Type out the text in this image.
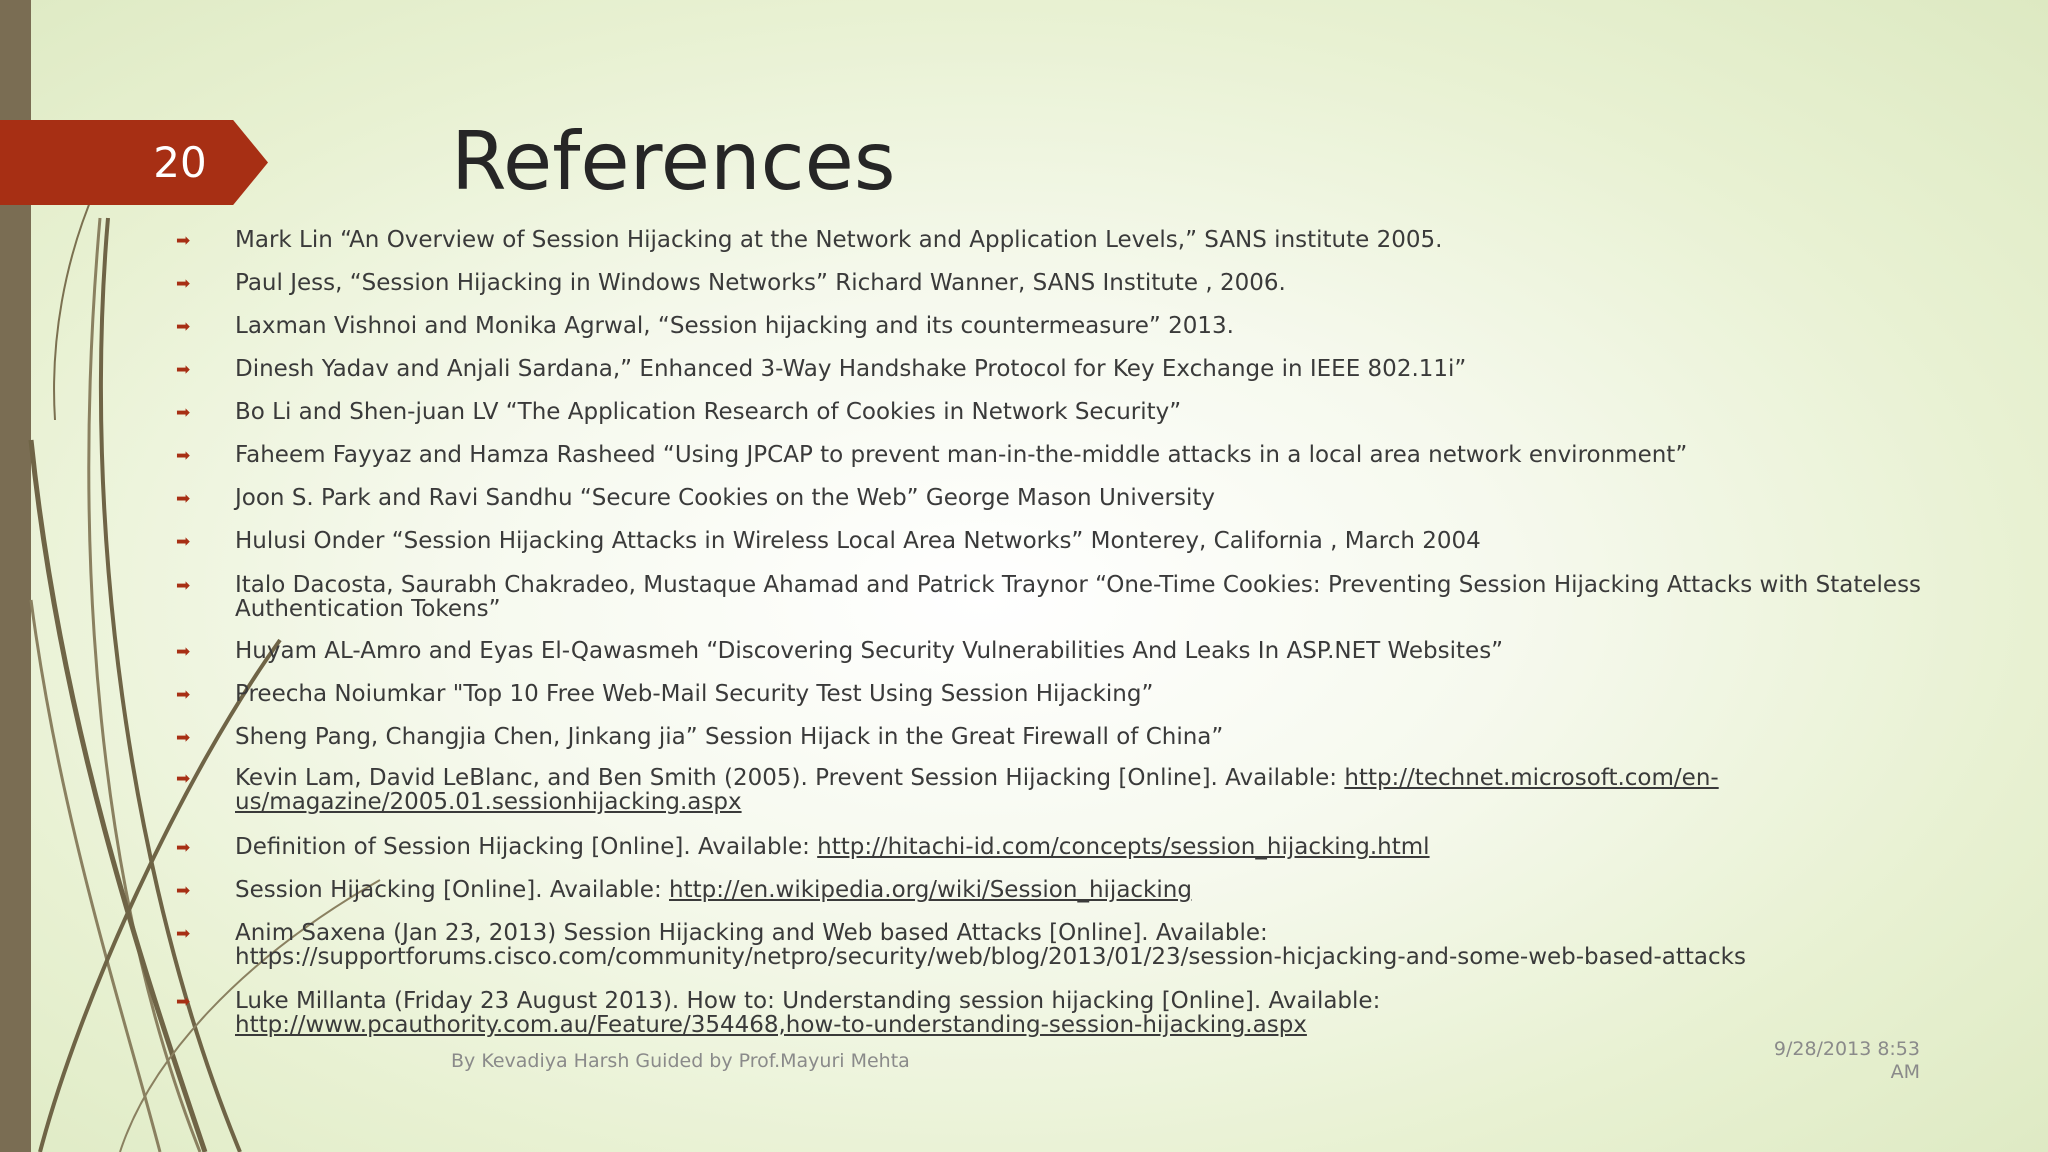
20	References
➡ Mark Lin “An Overview of Session Hijacking at the Network and Application Levels,” SANS institute 2005.
➡ Paul Jess, “Session Hijacking in Windows Networks” Richard Wanner, SANS Institute , 2006.
➡ Laxman Vishnoi and Monika Agrwal, “Session hijacking and its countermeasure” 2013.
➡ Dinesh Yadav and Anjali Sardana,” Enhanced 3-Way Handshake Protocol for Key Exchange in IEEE 802.11i”
➡ Bo Li and Shen-juan LV “The Application Research of Cookies in Network Security”
➡ Faheem Fayyaz and Hamza Rasheed “Using JPCAP to prevent man-in-the-middle attacks in a local area network environment”
➡ Joon S. Park and Ravi Sandhu “Secure Cookies on the Web” George Mason University
➡ Hulusi Onder “Session Hijacking Attacks in Wireless Local Area Networks” Monterey, California , March 2004
➡ Italo Dacosta, Saurabh Chakradeo, Mustaque Ahamad and Patrick Traynor “One-Time Cookies: Preventing Session Hijacking Attacks with Stateless Authentication Tokens”
➡ Huyam AL-Amro and Eyas El-Qawasmeh “Discovering Security Vulnerabilities And Leaks In ASP.NET Websites”
➡ Preecha Noiumkar "Top 10 Free Web-Mail Security Test Using Session Hijacking”
➡ Sheng Pang, Changjia Chen, Jinkang jia” Session Hijack in the Great Firewall of China”
➡ Kevin Lam, David LeBlanc, and Ben Smith (2005). Prevent Session Hijacking [Online]. Available: http://technet.microsoft.com/en-us/magazine/2005.01.sessionhijacking.aspx
➡ Definition of Session Hijacking [Online]. Available: http://hitachi-id.com/concepts/session_hijacking.html
➡ Session Hijacking [Online]. Available: http://en.wikipedia.org/wiki/Session_hijacking
➡ Anim Saxena (Jan 23, 2013) Session Hijacking and Web based Attacks [Online]. Available: https://supportforums.cisco.com/community/netpro/security/web/blog/2013/01/23/session-hicjacking-and-some-web-based-attacks
➡ Luke Millanta (Friday 23 August 2013). How to: Understanding session hijacking [Online]. Available: http://www.pcauthority.com.au/Feature/354468,how-to-understanding-session-hijacking.aspx
By Kevadiya Harsh Guided by Prof.Mayuri Mehta
9/28/2013 8:53 AM
